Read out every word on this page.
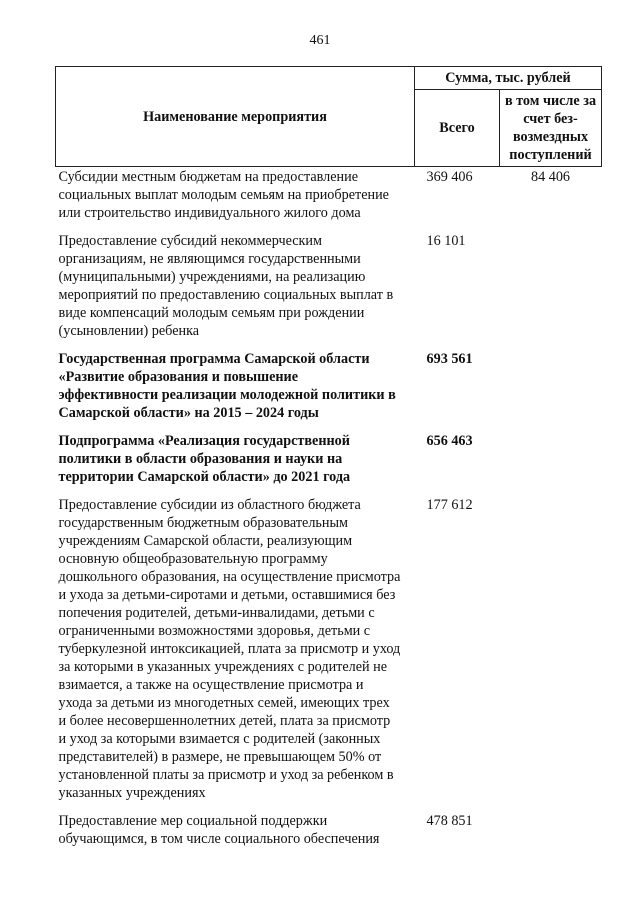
461
Наименование мероприятия	Сумма, тыс. рублей	
	Всего	в том числе за счет без-возмездных поступлений
Субсидии местным бюджетам на предоставление социальных выплат молодым семьям на приобретение или строительство индивидуального жилого дома	369 406	84 406
Предоставление субсидий некоммерческим организациям, не являющимся государственными (муниципальными) учреждениями, на реализацию мероприятий по предоставлению социальных выплат в виде компенсаций молодым семьям при рождении (усыновлении) ребенка	16 101	
Государственная программа Самарской области «Развитие образования и повышение эффективности реализации молодежной политики в Самарской области» на 2015 – 2024 годы	693 561	
Подпрограмма «Реализация государственной политики в области образования и науки на территории Самарской области» до 2021 года	656 463	
Предоставление субсидии из областного бюджета государственным бюджетным образовательным учреждениям Самарской области, реализующим основную общеобразовательную программу дошкольного образования, на осуществление присмотра и ухода за детьми-сиротами и детьми, оставшимися без попечения родителей, детьми-инвалидами, детьми с ограниченными возможностями здоровья, детьми с туберкулезной интоксикацией, плата за присмотр и уход за которыми в указанных учреждениях с родителей не взимается, а также на осуществление присмотра и ухода за детьми из многодетных семей, имеющих трех и более несовершеннолетних детей, плата за присмотр и уход за которыми взимается с родителей (законных представителей) в размере, не превышающем 50% от установленной платы за присмотр и уход за ребенком в указанных учреждениях	177 612	
Предоставление мер социальной поддержки обучающимся, в том числе социального обеспечения	478 851	
